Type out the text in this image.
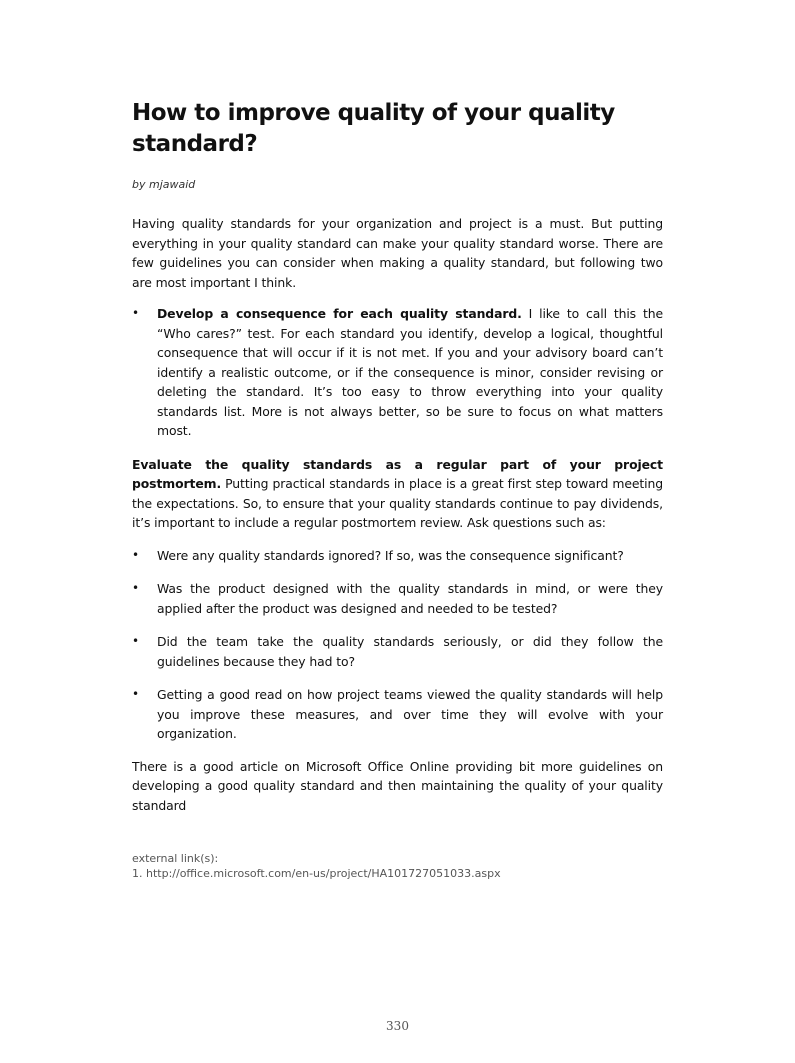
How to improve quality of your quality standard?

by mjawaid

Having quality standards for your organization and project is a must. But putting everything in your quality standard can make your quality standard worse. There are few guidelines you can consider when making a quality standard, but following two are most important I think.

• Develop a consequence for each quality standard. I like to call this the “Who cares?” test. For each standard you identify, develop a logical, thoughtful consequence that will occur if it is not met. If you and your advisory board can’t identify a realistic outcome, or if the consequence is minor, consider revising or deleting the standard. It’s too easy to throw everything into your quality standards list. More is not always better, so be sure to focus on what matters most.

Evaluate the quality standards as a regular part of your project postmortem. Putting practical standards in place is a great first step toward meeting the expectations. So, to ensure that your quality standards continue to pay dividends, it’s important to include a regular postmortem review. Ask questions such as:

• Were any quality standards ignored? If so, was the consequence significant?
• Was the product designed with the quality standards in mind, or were they applied after the product was designed and needed to be tested?
• Did the team take the quality standards seriously, or did they follow the guidelines because they had to?
• Getting a good read on how project teams viewed the quality standards will help you improve these measures, and over time they will evolve with your organization.

There is a good article on Microsoft Office Online providing bit more guidelines on developing a good quality standard and then maintaining the quality of your quality standard

external link(s):
1. http://office.microsoft.com/en-us/project/HA101727051033.aspx
330
